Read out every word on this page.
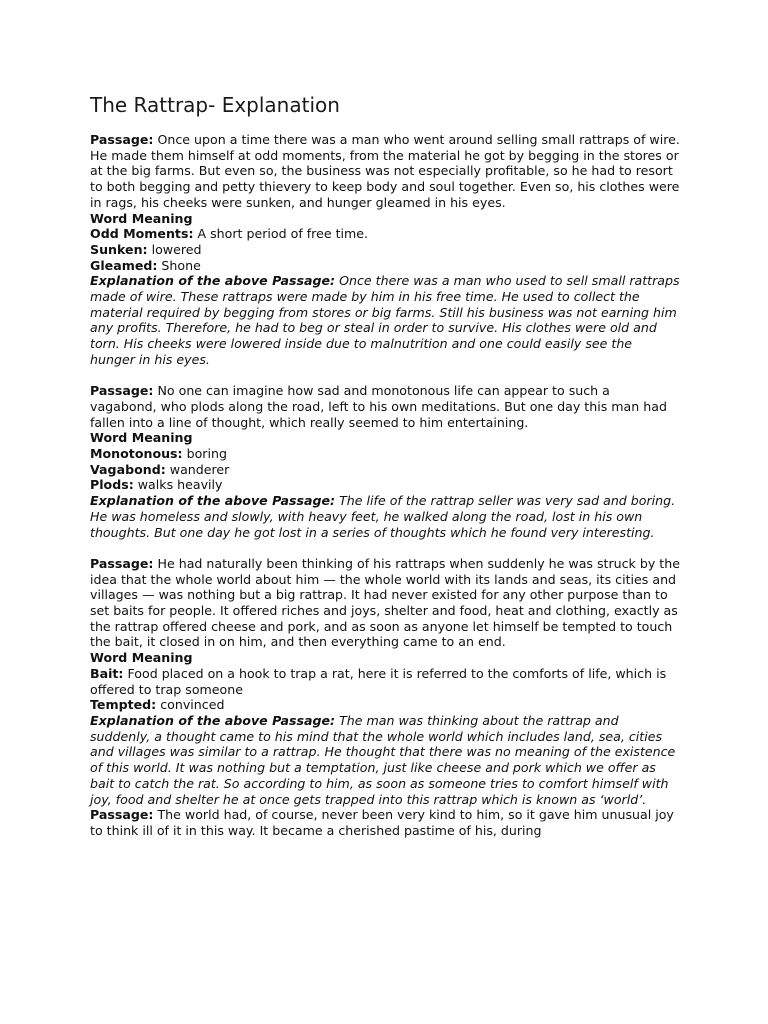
The Rattrap- Explanation

Passage: Once upon a time there was a man who went around selling small rattraps of wire. He made them himself at odd moments, from the material he got by begging in the stores or at the big farms. But even so, the business was not especially profitable, so he had to resort to both begging and petty thievery to keep body and soul together. Even so, his clothes were in rags, his cheeks were sunken, and hunger gleamed in his eyes.

Word Meaning

Odd Moments: A short period of free time.

Sunken: lowered

Gleamed: Shone

Explanation of the above Passage: Once there was a man who used to sell small rattraps made of wire. These rattraps were made by him in his free time. He used to collect the material required by begging from stores or big farms. Still his business was not earning him any profits. Therefore, he had to beg or steal in order to survive. His clothes were old and torn. His cheeks were lowered inside due to malnutrition and one could easily see the hunger in his eyes.

Passage: No one can imagine how sad and monotonous life can appear to such a vagabond, who plods along the road, left to his own meditations. But one day this man had fallen into a line of thought, which really seemed to him entertaining.

Word Meaning

Monotonous: boring

Vagabond: wanderer

Plods: walks heavily

Explanation of the above Passage: The life of the rattrap seller was very sad and boring. He was homeless and slowly, with heavy feet, he walked along the road, lost in his own thoughts. But one day he got lost in a series of thoughts which he found very interesting.

Passage: He had naturally been thinking of his rattraps when suddenly he was struck by the idea that the whole world about him — the whole world with its lands and seas, its cities and villages — was nothing but a big rattrap. It had never existed for any other purpose than to set baits for people. It offered riches and joys, shelter and food, heat and clothing, exactly as the rattrap offered cheese and pork, and as soon as anyone let himself be tempted to touch the bait, it closed in on him, and then everything came to an end.

Word Meaning

Bait: Food placed on a hook to trap a rat, here it is referred to the comforts of life, which is offered to trap someone

Tempted: convinced

Explanation of the above Passage: The man was thinking about the rattrap and suddenly, a thought came to his mind that the whole world which includes land, sea, cities and villages was similar to a rattrap. He thought that there was no meaning of the existence of this world. It was nothing but a temptation, just like cheese and pork which we offer as bait to catch the rat. So according to him, as soon as someone tries to comfort himself with joy, food and shelter he at once gets trapped into this rattrap which is known as ‘world’.

Passage: The world had, of course, never been very kind to him, so it gave him unusual joy to think ill of it in this way. It became a cherished pastime of his, during
